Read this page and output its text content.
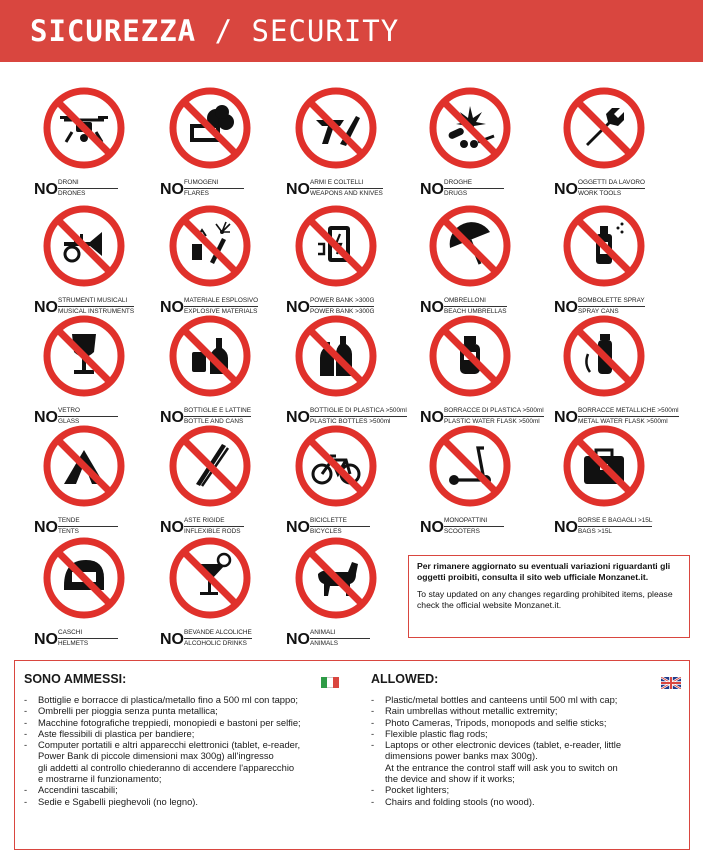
SICUREZZA / SECURITY
NO DRONI
DRONES	NO FUMOGENI
FLARES	NO ARMI E COLTELLI
WEAPONS AND KNIVES NO DROGHE
DRUGS	NO OGGETTI DA LAVORO
WORK TOOLS
NO STRUMENTI MUSICALI
MUSICAL INSTRUMENTS NO MATERIALE ESPLOSIVO
EXPLOSIVE MATERIALS NO POWER BANK >300G
POWER BANK >300G	NO OMBRELLONI
BEACH UMBRELLAS	NO BOMBOLETTE SPRAY
SPRAY CANS
NO VETRO
GLASS	NO BOTTIGLIE E LATTINE
BOTTLE AND CANS	NO BOTTIGLIE DI PLASTICA >500ml
PLASTIC BOTTLES >500ml	NO BORRACCE DI PLASTICA >500ml
PLASTIC WATER FLASK >500ml NO BORRACCE METALLICHE >500ml
METAL WATER FLASK >500ml
NO TENDE
TENTS	NO ASTE RIGIDE
INFLEXIBLE RODS	NO BICICLETTE
BICYCLES	NO MONOPATTINI
SCOOTERS	NO BORSE E BAGAGLI >15L
BAGS >15L
NO CASCHI
HELMETS	NO BEVANDE ALCOLICHE
ALCOHOLIC DRINKS	NO ANIMALI
ANIMALS

Per rimanere aggiornato su eventuali variazioni riguardanti gli oggetti proibiti, consulta il sito web ufficiale Monzanet.it.

To stay updated on any changes regarding prohibited items, please check the official website Monzanet.it.

SONO AMMESSI:
- Bottiglie e borracce di plastica/metallo fino a 500 ml con tappo;
- Ombrelli per pioggia senza punta metallica;
- Macchine fotografiche treppiedi, monopiedi e bastoni per selfie;
- Aste flessibili di plastica per bandiere;
- Computer portatili e altri apparecchi elettronici (tablet, e-reader,
Power Bank di piccole dimensioni max 300g) all'ingresso
gli addetti al controllo chiederanno di accendere l'apparecchio
e mostrarne il funzionamento;
- Accendini tascabili;
- Sedie e Sgabelli pieghevoli (no legno).
ALLOWED:
- Plastic/metal bottles and canteens until 500 ml with cap;
- Rain umbrellas without metallic extremity;
- Photo Cameras, Tripods, monopods and selfie sticks;
- Flexible plastic flag rods;
- Laptops or other electronic devices (tablet, e-reader, little
dimensions power banks max 300g).
At the entrance the control staff will ask you to switch on
the device and show if it works;
- Pocket lighters;
- Chairs and folding stools (no wood).
